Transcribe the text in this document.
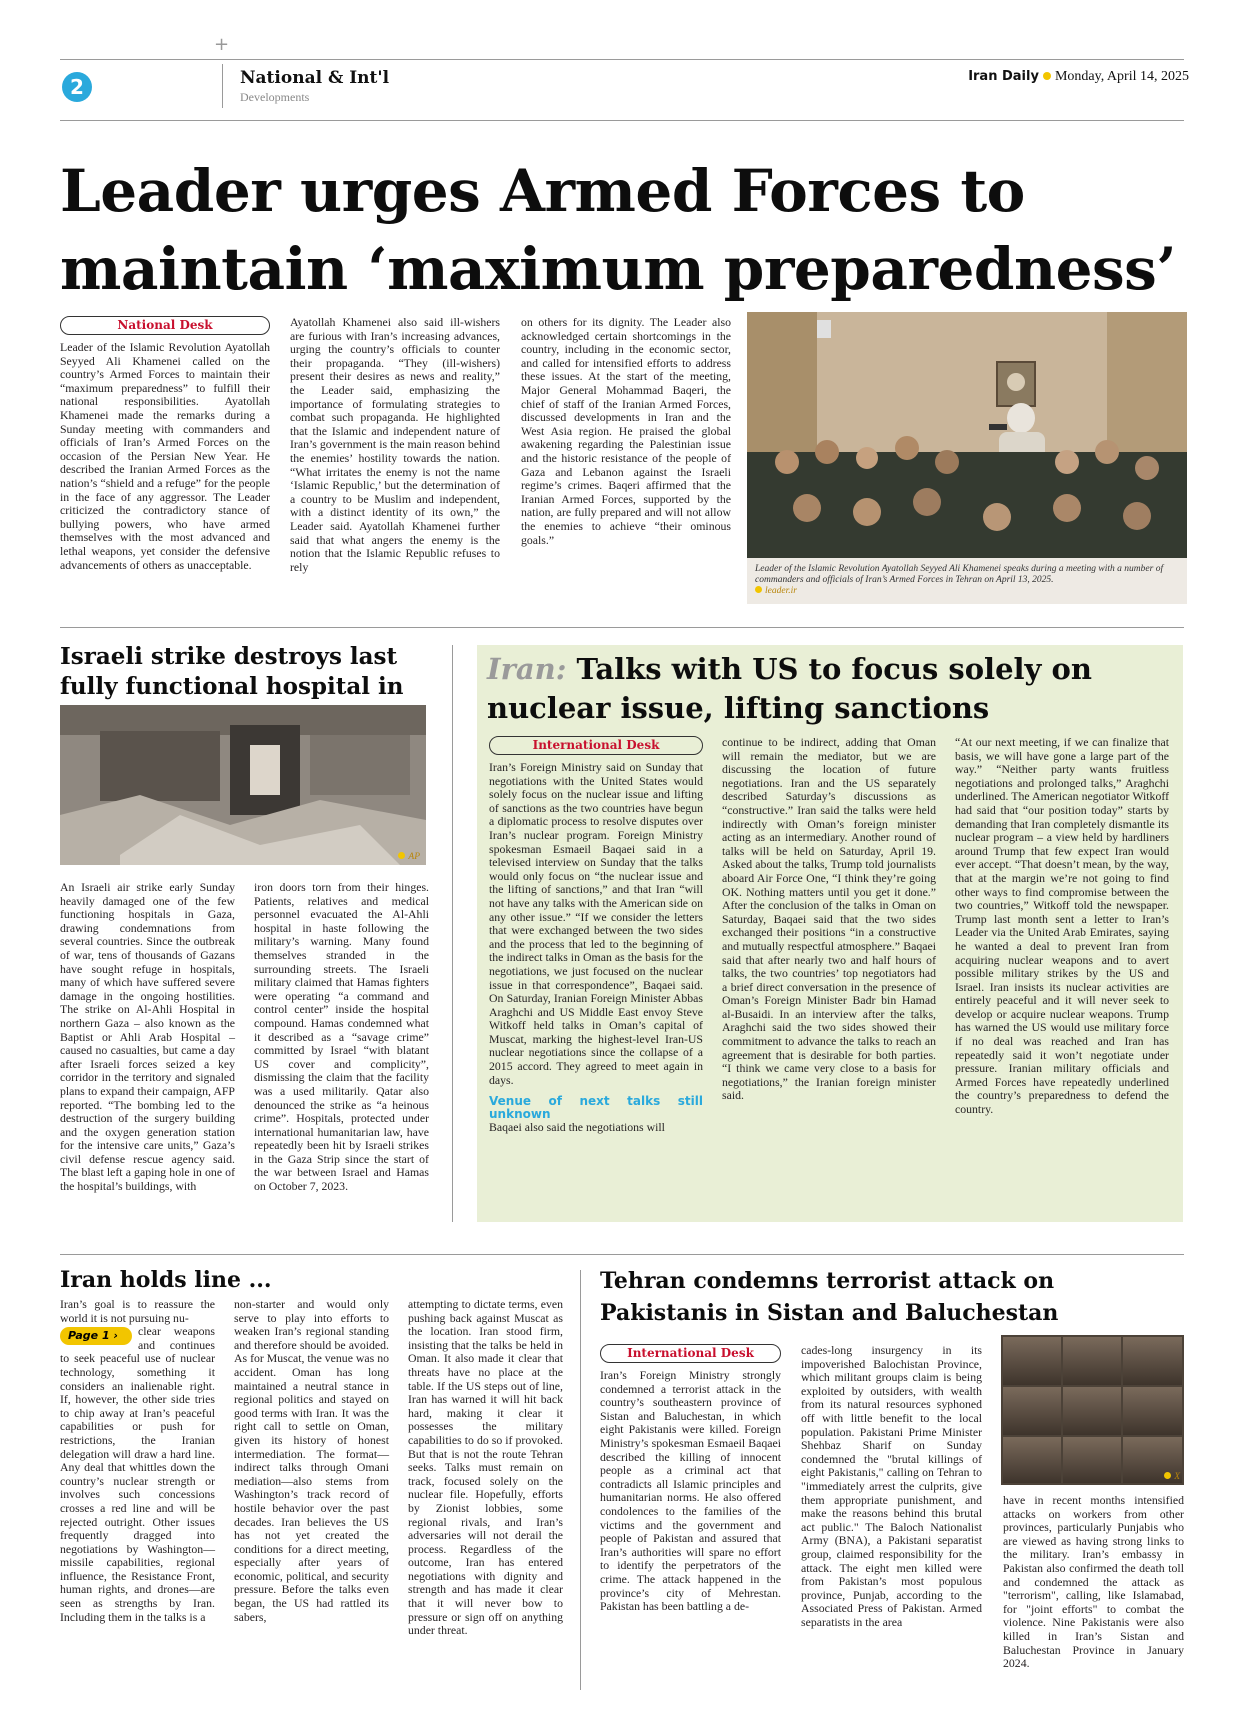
+
2	National & Int'l
Developments
Iran Daily Monday, April 14, 2025
Leader urges Armed Forces to maintain ‘maximum preparedness’
National Desk

Leader of the Islamic Revolution Ayatollah Seyyed Ali Khamenei called on the country’s Armed Forces to maintain their “maximum preparedness” to fulfill their national responsibilities. Ayatollah Khamenei made the remarks during a Sunday meeting with commanders and officials of Iran’s Armed Forces on the occasion of the Persian New Year. He described the Iranian Armed Forces as the nation’s “shield and a refuge” for the people in the face of any aggressor. The Leader criticized the contradictory stance of bullying powers, who have armed themselves with the most advanced and lethal weapons, yet consider the defensive advancements of others as unacceptable.

Ayatollah Khamenei also said ill-wishers are furious with Iran’s increasing advances, urging the country’s officials to counter their propaganda. “They (ill-wishers) present their desires as news and reality,” the Leader said, emphasizing the importance of formulating strategies to combat such propaganda. He highlighted that the Islamic and independent nature of Iran’s government is the main reason behind the enemies’ hostility towards the nation. “What irritates the enemy is not the name ‘Islamic Republic,’ but the determination of a country to be Muslim and independent, with a distinct identity of its own,” the Leader said. Ayatollah Khamenei further said that what angers the enemy is the notion that the Islamic Republic refuses to rely

on others for its dignity. The Leader also acknowledged certain shortcomings in the country, including in the economic sector, and called for intensified efforts to address these issues. At the start of the meeting, Major General Mohammad Baqeri, the chief of staff of the Iranian Armed Forces, discussed developments in Iran and the West Asia region. He praised the global awakening regarding the Palestinian issue and the historic resistance of the people of Gaza and Lebanon against the Israeli regime’s crimes. Baqeri affirmed that the Iranian Armed Forces, supported by the nation, are fully prepared and will not allow the enemies to achieve “their ominous goals.”

Leader of the Islamic Revolution Ayatollah Seyyed Ali Khamenei speaks during a meeting with a number of commanders and officials of Iran’s Armed Forces in Tehran on April 13, 2025.
leader.ir
Israeli strike destroys last fully functional hospital in
AP

An Israeli air strike early Sunday heavily damaged one of the few functioning hospitals in Gaza, drawing condemnations from several countries. Since the outbreak of war, tens of thousands of Gazans have sought refuge in hospitals, many of which have suffered severe damage in the ongoing hostilities. The strike on Al-Ahli Hospital in northern Gaza – also known as the Baptist or Ahli Arab Hospital – caused no casualties, but came a day after Israeli forces seized a key corridor in the territory and signaled plans to expand their campaign, AFP reported. “The bombing led to the destruction of the surgery building and the oxygen generation station for the intensive care units,” Gaza’s civil defense rescue agency said. The blast left a gaping hole in one of the hospital’s buildings, with

iron doors torn from their hinges. Patients, relatives and medical personnel evacuated the Al-Ahli hospital in haste following the military’s warning. Many found themselves stranded in the surrounding streets. The Israeli military claimed that Hamas fighters were operating “a command and control center” inside the hospital compound. Hamas condemned what it described as a “savage crime” committed by Israel “with blatant US cover and complicity”, dismissing the claim that the facility was a used militarily. Qatar also denounced the strike as “a heinous crime”. Hospitals, protected under international humanitarian law, have repeatedly been hit by Israeli strikes in the Gaza Strip since the start of the war between Israel and Hamas on October 7, 2023.

Iran: Talks with US to focus solely on nuclear issue, lifting sanctions
International Desk

Iran’s Foreign Ministry said on Sunday that negotiations with the United States would solely focus on the nuclear issue and lifting of sanctions as the two countries have begun a diplomatic process to resolve disputes over Iran’s nuclear program. Foreign Ministry spokesman Esmaeil Baqaei said in a televised interview on Sunday that the talks would only focus on “the nuclear issue and the lifting of sanctions,” and that Iran “will not have any talks with the American side on any other issue.” “If we consider the letters that were exchanged between the two sides and the process that led to the beginning of the indirect talks in Oman as the basis for the negotiations, we just focused on the nuclear issue in that correspondence”, Baqaei said. On Saturday, Iranian Foreign Minister Abbas Araghchi and US Middle East envoy Steve Witkoff held talks in Oman’s capital of Muscat, marking the highest-level Iran-US nuclear negotiations since the collapse of a 2015 accord. They agreed to meet again in days.

Venue of next talks still unknown

Baqaei also said the negotiations will

continue to be indirect, adding that Oman will remain the mediator, but we are discussing the location of future negotiations. Iran and the US separately described Saturday’s discussions as “constructive.” Iran said the talks were held indirectly with Oman’s foreign minister acting as an intermediary. Another round of talks will be held on Saturday, April 19. Asked about the talks, Trump told journalists aboard Air Force One, “I think they’re going OK. Nothing matters until you get it done.” After the conclusion of the talks in Oman on Saturday, Baqaei said that the two sides exchanged their positions “in a constructive and mutually respectful atmosphere.” Baqaei said that after nearly two and half hours of talks, the two countries’ top negotiators had a brief direct conversation in the presence of Oman’s Foreign Minister Badr bin Hamad al-Busaidi. In an interview after the talks, Araghchi said the two sides showed their commitment to advance the talks to reach an agreement that is desirable for both parties. “I think we came very close to a basis for negotiations,” the Iranian foreign minister said.

“At our next meeting, if we can finalize that basis, we will have gone a large part of the way.” “Neither party wants fruitless negotiations and prolonged talks,” Araghchi underlined. The American negotiator Witkoff had said that “our position today” starts by demanding that Iran completely dismantle its nuclear program – a view held by hardliners around Trump that few expect Iran would ever accept. “That doesn’t mean, by the way, that at the margin we’re not going to find other ways to find compromise between the two countries,” Witkoff told the newspaper. Trump last month sent a letter to Iran’s Leader via the United Arab Emirates, saying he wanted a deal to prevent Iran from acquiring nuclear weapons and to avert possible military strikes by the US and Israel. Iran insists its nuclear activities are entirely peaceful and it will never seek to develop or acquire nuclear weapons. Trump has warned the US would use military force if no deal was reached and Iran has repeatedly said it won’t negotiate under pressure. Iranian military officials and Armed Forces have repeatedly underlined the country’s preparedness to defend the country.

Iran holds line ...

Iran’s goal is to reassure the world it is not pursuing nu-

Page 1 ›	clear weapons and continues to seek peaceful use of nuclear technology, something it considers an inalienable right. If, however, the other side tries to chip away at Iran’s peaceful capabilities or push for restrictions, the Iranian delegation will draw a hard line. Any deal that whittles down the country’s nuclear strength or involves such concessions crosses a red line and will be rejected outright. Other issues frequently dragged into negotiations by Washington—missile capabilities, regional influence, the Resistance Front, human rights, and drones—are seen as strengths by Iran. Including them in the talks is a

non-starter and would only serve to play into efforts to weaken Iran’s regional standing and therefore should be avoided. As for Muscat, the venue was no accident. Oman has long maintained a neutral stance in regional politics and stayed on good terms with Iran. It was the right call to settle on Oman, given its history of honest intermediation. The format—indirect talks through Omani mediation—also stems from Washington’s track record of hostile behavior over the past decades. Iran believes the US has not yet created the conditions for a direct meeting, especially after years of economic, political, and security pressure. Before the talks even began, the US had rattled its sabers,

attempting to dictate terms, even pushing back against Muscat as the location. Iran stood firm, insisting that the talks be held in Oman. It also made it clear that threats have no place at the table. If the US steps out of line, Iran has warned it will hit back hard, making it clear it possesses the military capabilities to do so if provoked. But that is not the route Tehran seeks. Talks must remain on track, focused solely on the nuclear file. Hopefully, efforts by Zionist lobbies, some regional rivals, and Iran’s adversaries will not derail the process. Regardless of the outcome, Iran has entered negotiations with dignity and strength and has made it clear that it will never bow to pressure or sign off on anything under threat.

Tehran condemns terrorist attack on Pakistanis in Sistan and Baluchestan
International Desk

Iran’s Foreign Ministry strongly condemned a terrorist attack in the country’s southeastern province of Sistan and Baluchestan, in which eight Pakistanis were killed. Foreign Ministry’s spokesman Esmaeil Baqaei described the killing of innocent people as a criminal act that contradicts all Islamic principles and humanitarian norms. He also offered condolences to the families of the victims and the government and people of Pakistan and assured that Iran’s authorities will spare no effort to identify the perpetrators of the crime. The attack happened in the province’s city of Mehrestan. Pakistan has been battling a de-

cades-long insurgency in its impoverished Balochistan Province, which militant groups claim is being exploited by outsiders, with wealth from its natural resources syphoned off with little benefit to the local population. Pakistani Prime Minister Shehbaz Sharif on Sunday condemned the "brutal killings of eight Pakistanis," calling on Tehran to "immediately arrest the culprits, give them appropriate punishment, and make the reasons behind this brutal act public." The Baloch Nationalist Army (BNA), a Pakistani separatist group, claimed responsibility for the attack. The eight men killed were from Pakistan’s most populous province, Punjab, according to the Associated Press of Pakistan. Armed separatists in the area

X

have in recent months intensified attacks on workers from other provinces, particularly Punjabis who are viewed as having strong links to the military. Iran’s embassy in Pakistan also confirmed the death toll and condemned the attack as "terrorism", calling, like Islamabad, for "joint efforts" to combat the violence. Nine Pakistanis were also killed in Iran’s Sistan and Baluchestan Province in January 2024.
